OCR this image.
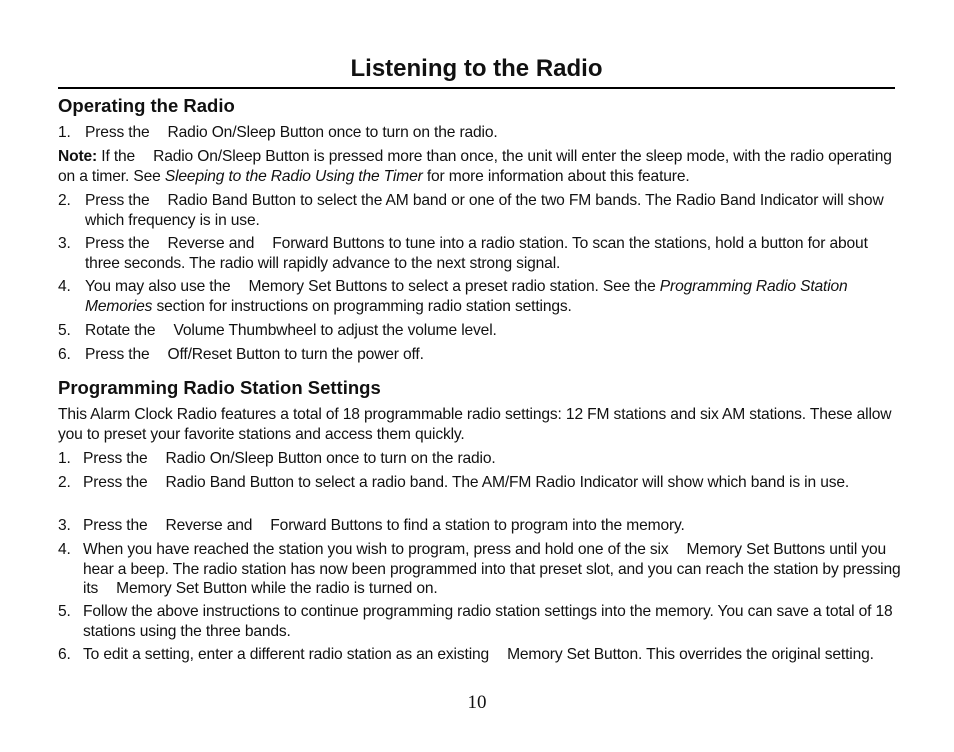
Listening to the Radio
Operating the Radio
1. Press the Radio On/Sleep Button once to turn on the radio.

Note: If the Radio On/Sleep Button is pressed more than once, the unit will enter the sleep mode, with the radio operating on a timer. See Sleeping to the Radio Using the Timer for more information about this feature.

2. Press the Radio Band Button to select the AM band or one of the two FM bands. The Radio Band Indicator will show which frequency is in use.
3. Press the Reverse and Forward Buttons to tune into a radio station. To scan the stations, hold a button for about three seconds. The radio will rapidly advance to the next strong signal.
4. You may also use the Memory Set Buttons to select a preset radio station. See the Programming Radio Station Memories section for instructions on programming radio station settings.
5. Rotate the Volume Thumbwheel to adjust the volume level.
6. Press the Off/Reset Button to turn the power off.
Programming Radio Station Settings

This Alarm Clock Radio features a total of 18 programmable radio settings: 12 FM stations and six AM stations. These allow you to preset your favorite stations and access them quickly.

1. Press the Radio On/Sleep Button once to turn on the radio.
2. Press the Radio Band Button to select a radio band. The AM/FM Radio Indicator will show which band is in use.
3. Press the Reverse and Forward Buttons to find a station to program into the memory.
4. When you have reached the station you wish to program, press and hold one of the six Memory Set Buttons until you hear a beep. The radio station has now been programmed into that preset slot, and you can reach the station by pressing its Memory Set Button while the radio is turned on.
5. Follow the above instructions to continue programming radio station settings into the memory. You can save a total of 18 stations using the three bands.
6. To edit a setting, enter a different radio station as an existing Memory Set Button. This overrides the original setting.
10
